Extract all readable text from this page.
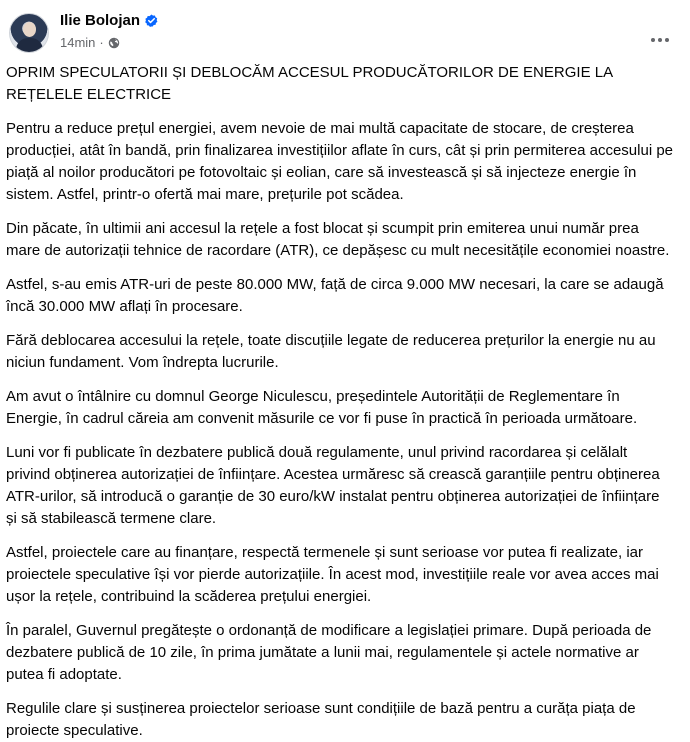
Ilie Bolojan
14min ·

OPRIM SPECULATORII ȘI DEBLOCĂM ACCESUL PRODUCĂTORILOR DE ENERGIE LA REȚELELE ELECTRICE

Pentru a reduce prețul energiei, avem nevoie de mai multă capacitate de stocare, de creșterea producției, atât în bandă, prin finalizarea investițiilor aflate în curs, cât și prin permiterea accesului pe piață al noilor producători pe fotovoltaic și eolian, care să investească și să injecteze energie în sistem. Astfel, printr-o ofertă mai mare, prețurile pot scădea.

Din păcate, în ultimii ani accesul la rețele a fost blocat și scumpit prin emiterea unui număr prea mare de autorizații tehnice de racordare (ATR), ce depășesc cu mult necesitățile economiei noastre.

Astfel, s-au emis ATR-uri de peste 80.000 MW, față de circa 9.000 MW necesari, la care se adaugă încă 30.000 MW aflați în procesare.

Fără deblocarea accesului la rețele, toate discuțiile legate de reducerea prețurilor la energie nu au niciun fundament. Vom îndrepta lucrurile.

Am avut o întâlnire cu domnul George Niculescu, președintele Autorității de Reglementare în Energie, în cadrul căreia am convenit măsurile ce vor fi puse în practică în perioada următoare.

Luni vor fi publicate în dezbatere publică două regulamente, unul privind racordarea și celălalt privind obținerea autorizației de înființare. Acestea urmăresc să crească garanțiile pentru obținerea ATR-urilor, să introducă o garanție de 30 euro/kW instalat pentru obținerea autorizației de înființare și să stabilească termene clare.

Astfel, proiectele care au finanțare, respectă termenele și sunt serioase vor putea fi realizate, iar proiectele speculative își vor pierde autorizațiile. În acest mod, investițiile reale vor avea acces mai ușor la rețele, contribuind la scăderea prețului energiei.

În paralel, Guvernul pregătește o ordonanță de modificare a legislației primare. După perioada de dezbatere publică de 10 zile, în prima jumătate a lunii mai, regulamentele și actele normative ar putea fi adoptate.

Regulile clare și susținerea proiectelor serioase sunt condițiile de bază pentru a curăța piața de proiecte speculative.
